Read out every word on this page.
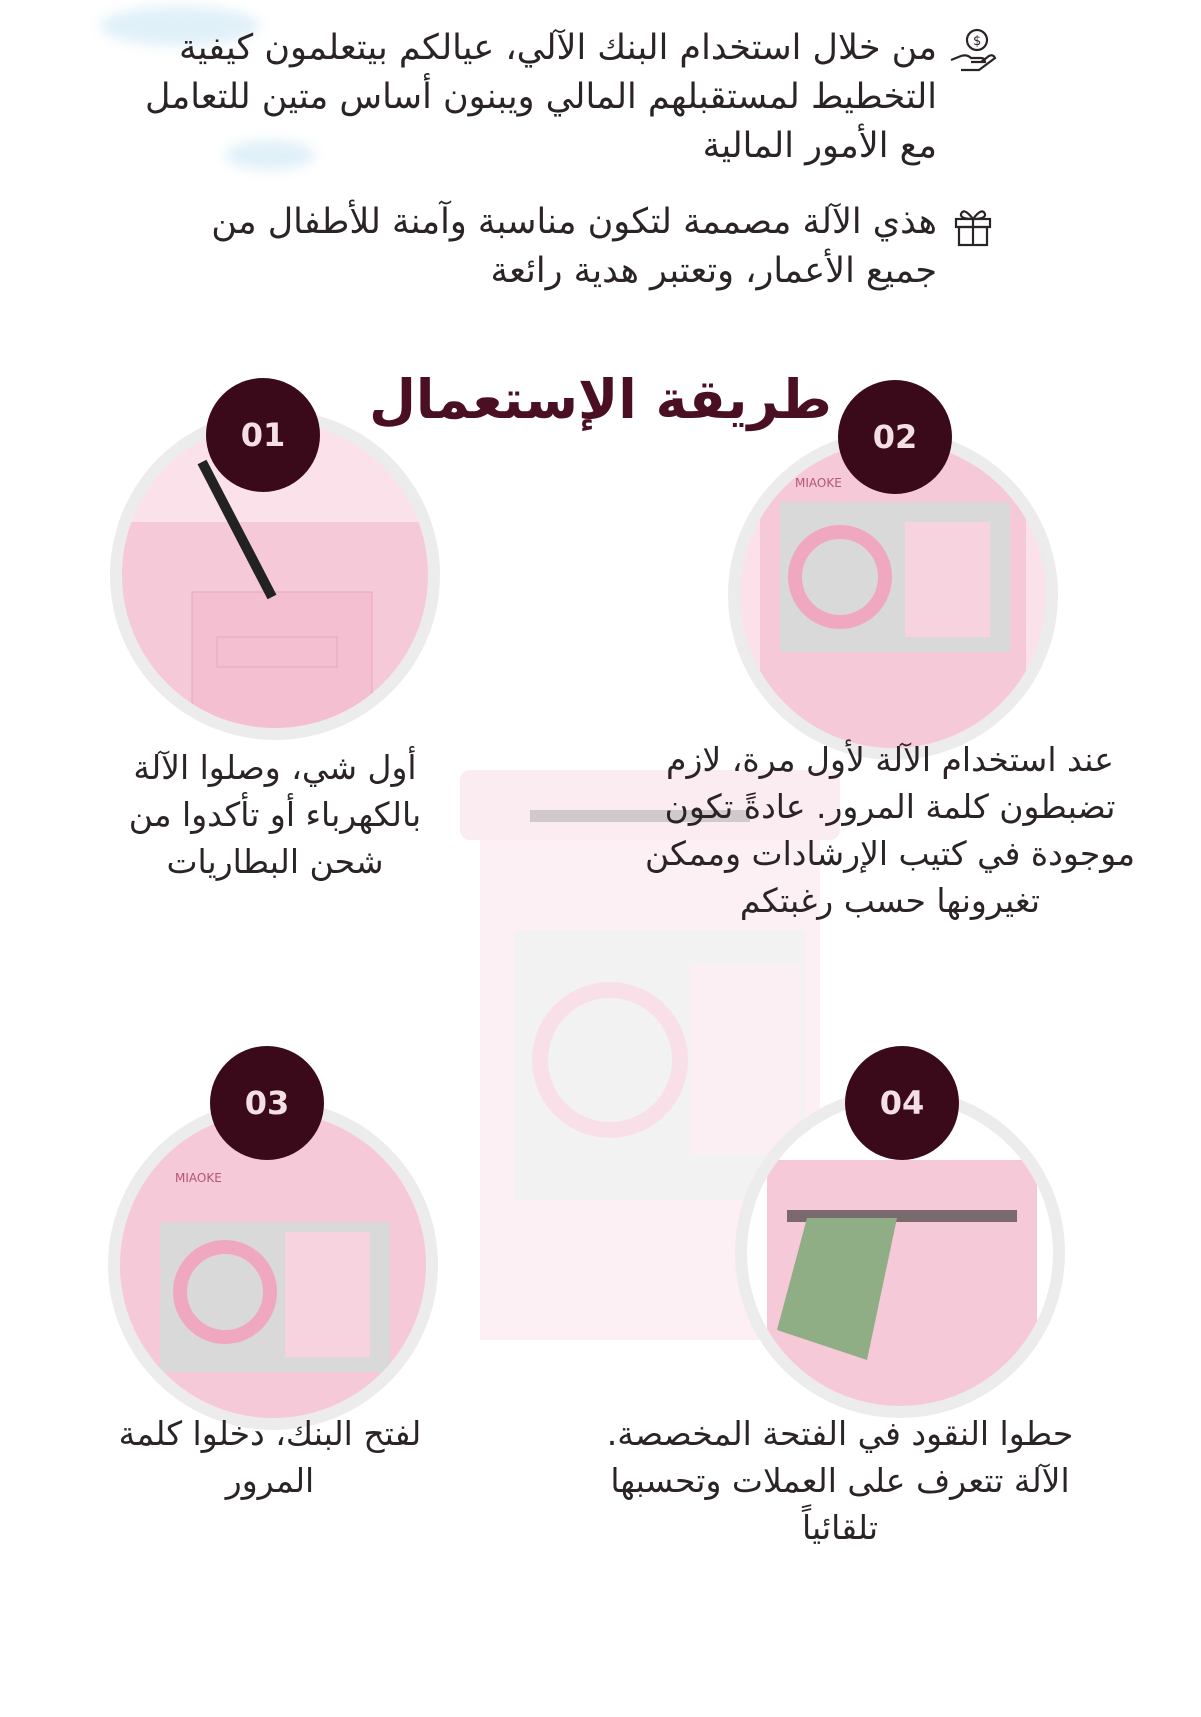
$
من خلال استخدام البنك الآلي، عيالكم بيتعلمون كيفية التخطيط لمستقبلهم المالي ويبنون أساس متين للتعامل مع الأمور المالية
هذي الآلة مصممة لتكون مناسبة وآمنة للأطفال من جميع الأعمار، وتعتبر هدية رائعة
طريقة الإستعمال
01
أول شي، وصلوا الآلة بالكهرباء أو تأكدوا من شحن البطاريات
MIAOKE
02
عند استخدام الآلة لأول مرة، لازم تضبطون كلمة المرور. عادةً تكون موجودة في كتيب الإرشادات وممكن تغيرونها حسب رغبتكم
MIAOKE
03
لفتح البنك، دخلوا كلمة المرور
04
حطوا النقود في الفتحة المخصصة. الآلة تتعرف على العملات وتحسبها تلقائياً
